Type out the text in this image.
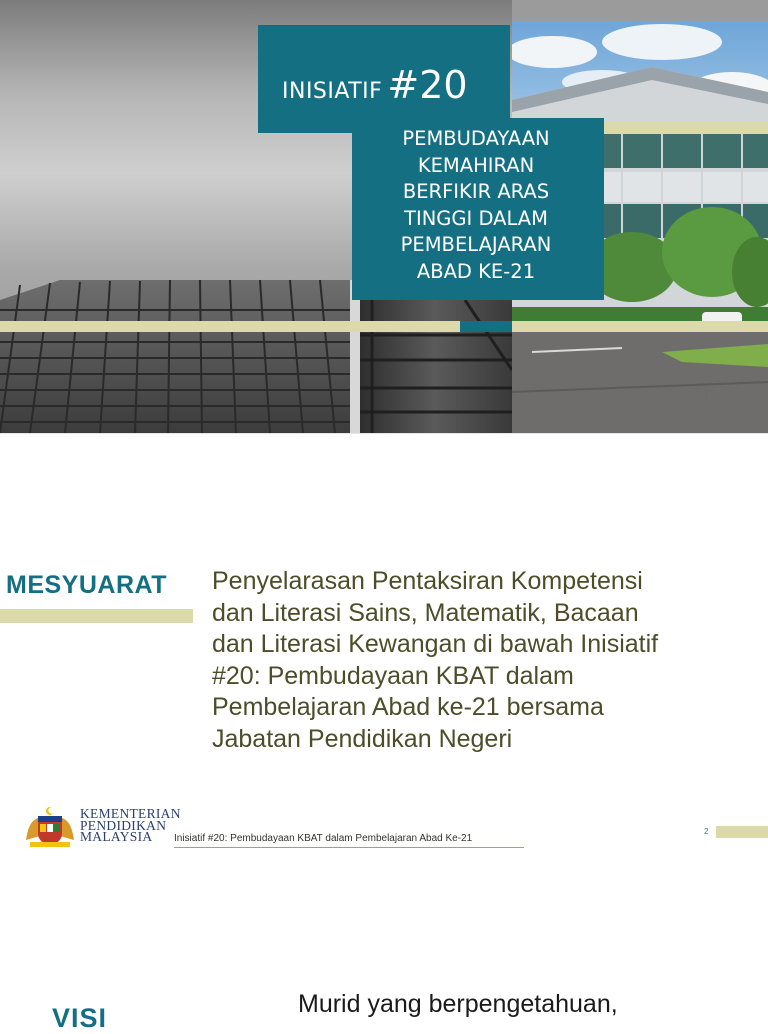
INISIATIF #20
PEMBUDAYAAN
KEMAHIRAN
BERFIKIR ARAS
TINGGI DALAM
PEMBELAJARAN
ABAD KE-21
1
MESYUARAT Penyelarasan Pentaksiran Kompetensi
dan Literasi Sains, Matematik, Bacaan
dan Literasi Kewangan di bawah Inisiatif
#20: Pembudayaan KBAT dalam
Pembelajaran Abad ke-21 bersama
Jabatan Pendidikan Negeri
KEMENTERIAN
PENDIDIKAN
MALAYSIA	Inisiatif #20: Pembudayaan KBAT dalam Pembelajaran Abad Ke-21
2
VISI	Murid yang berpengetahuan,
